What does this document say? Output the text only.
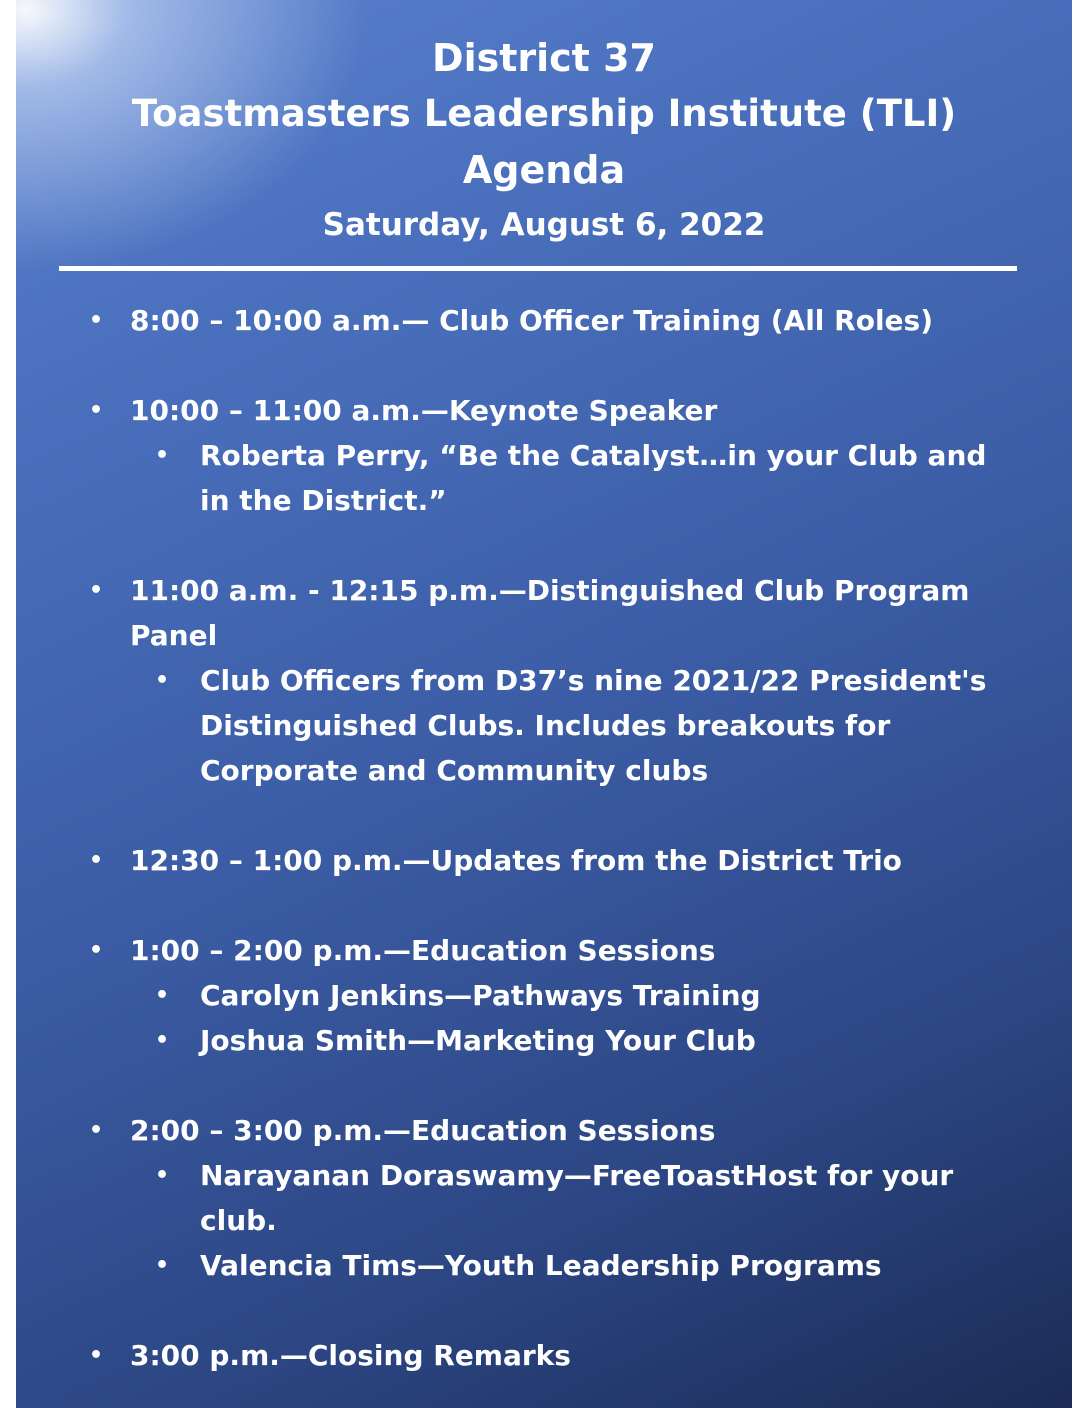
District 37
Toastmasters Leadership Institute (TLI)
Agenda
Saturday, August 6, 2022
• 8:00 – 10:00 a.m.— Club Officer Training (All Roles)
• 10:00 – 11:00 a.m.—Keynote Speaker
• Roberta Perry, “Be the Catalyst…in your Club and in the District.”
• 11:00 a.m. - 12:15 p.m.—Distinguished Club Program Panel
• Club Officers from D37’s nine 2021/22 President's Distinguished Clubs. Includes breakouts for Corporate and Community clubs
• 12:30 – 1:00 p.m.—Updates from the District Trio
• 1:00 – 2:00 p.m.—Education Sessions
• Carolyn Jenkins—Pathways Training
• Joshua Smith—Marketing Your Club
• 2:00 – 3:00 p.m.—Education Sessions
• Narayanan Doraswamy—FreeToastHost for your club.
• Valencia Tims—Youth Leadership Programs
• 3:00 p.m.—Closing Remarks
